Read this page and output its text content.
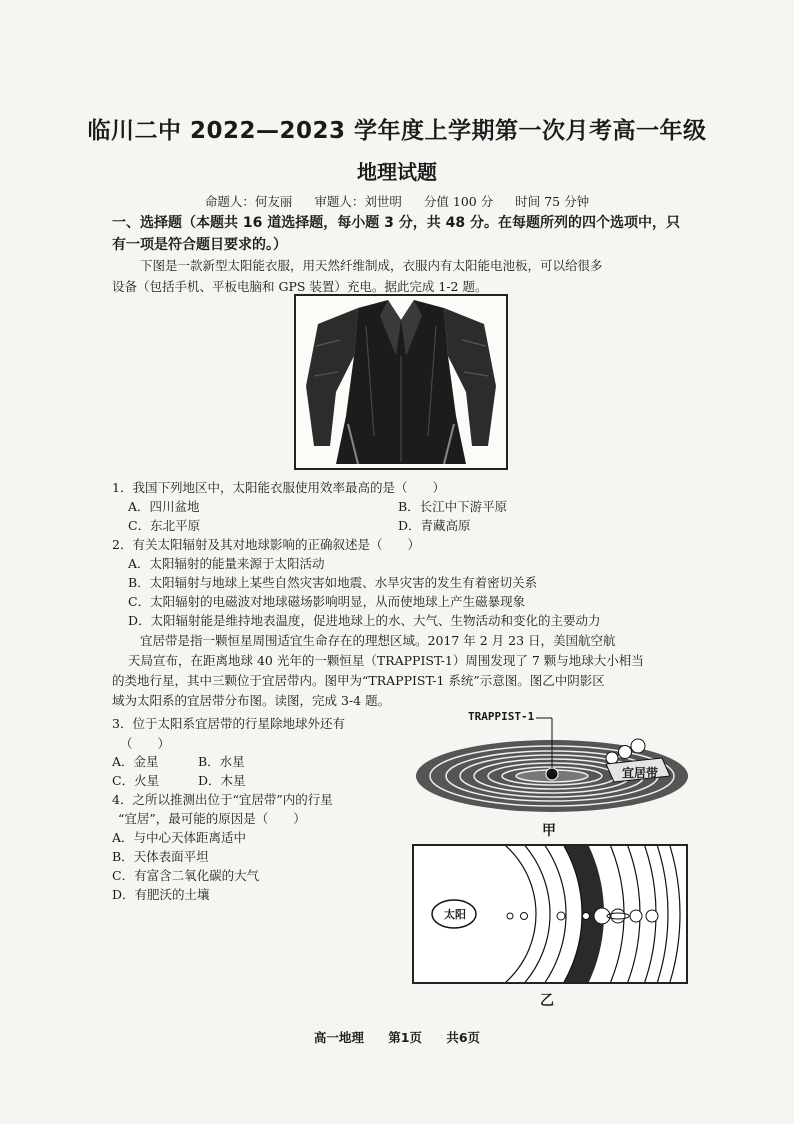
临川二中 2022—2023 学年度上学期第一次月考高一年级
地理试题
命题人：何友丽 审题人：刘世明 分值 100 分 时间 75 分钟
一、选择题（本题共 16 道选择题，每小题 3 分，共 48 分。在每题所列的四个选项中，只
有一项是符合题目要求的。）
下图是一款新型太阳能衣服，用天然纤维制成，衣服内有太阳能电池板，可以给很多
设备（包括手机、平板电脑和 GPS 装置）充电。据此完成 1-2 题。
1．我国下列地区中，太阳能衣服使用效率最高的是（　　）
A．四川盆地	B．长江中下游平原
C．东北平原	D．青藏高原
2．有关太阳辐射及其对地球影响的正确叙述是（　　）
A．太阳辐射的能量来源于太阳活动
B．太阳辐射与地球上某些自然灾害如地震、水旱灾害的发生有着密切关系
C．太阳辐射的电磁波对地球磁场影响明显，从而使地球上产生磁暴现象
D．太阳辐射能是维持地表温度，促进地球上的水、大气、生物活动和变化的主要动力
宜居带是指一颗恒星周围适宜生命存在的理想区域。2017 年 2 月 23 日，美国航空航
天局宣布，在距离地球 40 光年的一颗恒星（TRAPPIST-1）周围发现了 7 颗与地球大小相当
的类地行星，其中三颗位于宜居带内。图甲为“TRAPPIST-1 系统”示意图。图乙中阴影区
域为太阳系的宜居带分布图。读图，完成 3-4 题。
3．位于太阳系宜居带的行星除地球外还有
（　　）
A．金星	B．水星
C．火星	D．木星
4．之所以推测出位于“宜居带”内的行星
“宜居”，最可能的原因是（　　）
A．与中心天体距离适中
B．天体表面平坦
C．有富含二氧化碳的大气
D．有肥沃的土壤
TRAPPIST-1
宜居带
甲
太阳
乙
高一地理 第1页 共6页
